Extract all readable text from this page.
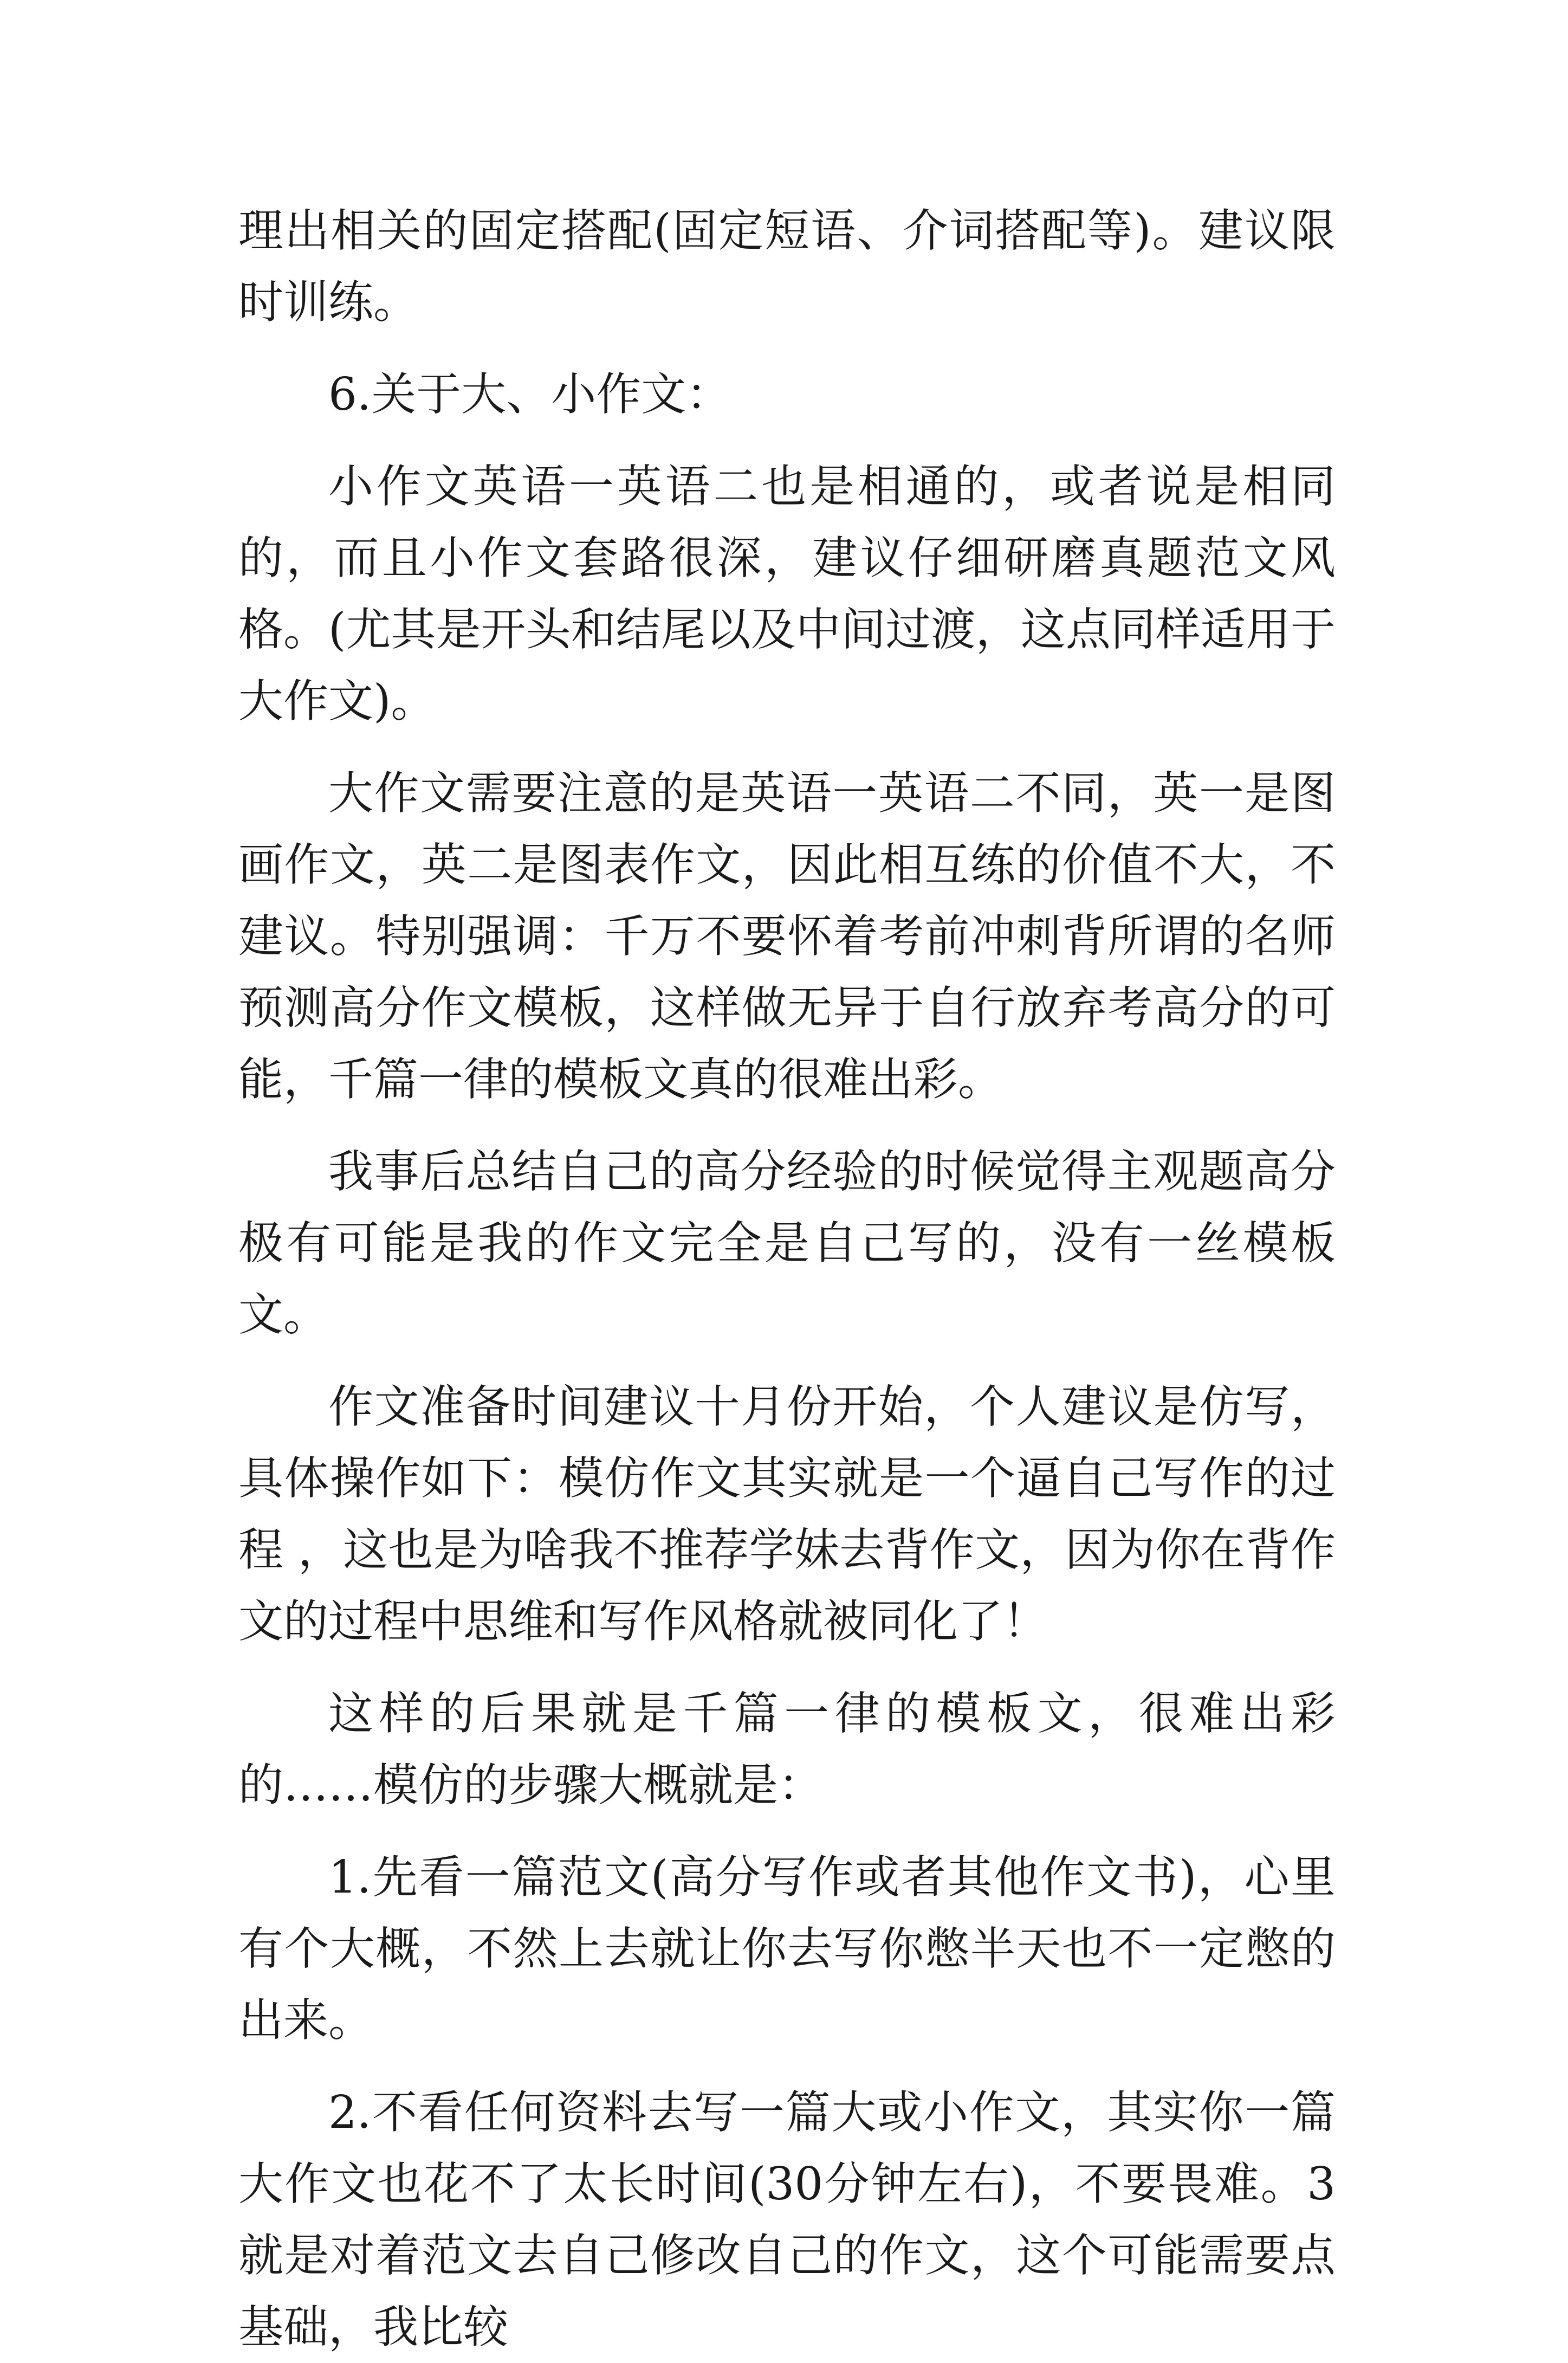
理出相关的固定搭配(固定短语、介词搭配等)。建议限时训练。

6.关于大、小作文：

小作文英语一英语二也是相通的，或者说是相同的，而且小作文套路很深，建议仔细研磨真题范文风格。(尤其是开头和结尾以及中间过渡，这点同样适用于大作文)。

大作文需要注意的是英语一英语二不同，英一是图画作文，英二是图表作文，因此相互练的价值不大，不建议。特别强调：千万不要怀着考前冲刺背所谓的名师预测高分作文模板，这样做无异于自行放弃考高分的可能，千篇一律的模板文真的很难出彩。

我事后总结自己的高分经验的时候觉得主观题高分极有可能是我的作文完全是自己写的，没有一丝模板文。

作文准备时间建议十月份开始，个人建议是仿写，具体操作如下：模仿作文其实就是一个逼自己写作的过程 ，这也是为啥我不推荐学妹去背作文，因为你在背作文的过程中思维和写作风格就被同化了！

这样的后果就是千篇一律的模板文，很难出彩的……模仿的步骤大概就是：

1.先看一篇范文(高分写作或者其他作文书)，心里有个大概，不然上去就让你去写你憋半天也不一定憋的出来。

2.不看任何资料去写一篇大或小作文，其实你一篇大作文也花不了太长时间(30分钟左右)，不要畏难。3就是对着范文去自己修改自己的作文，这个可能需要点基础，我比较
